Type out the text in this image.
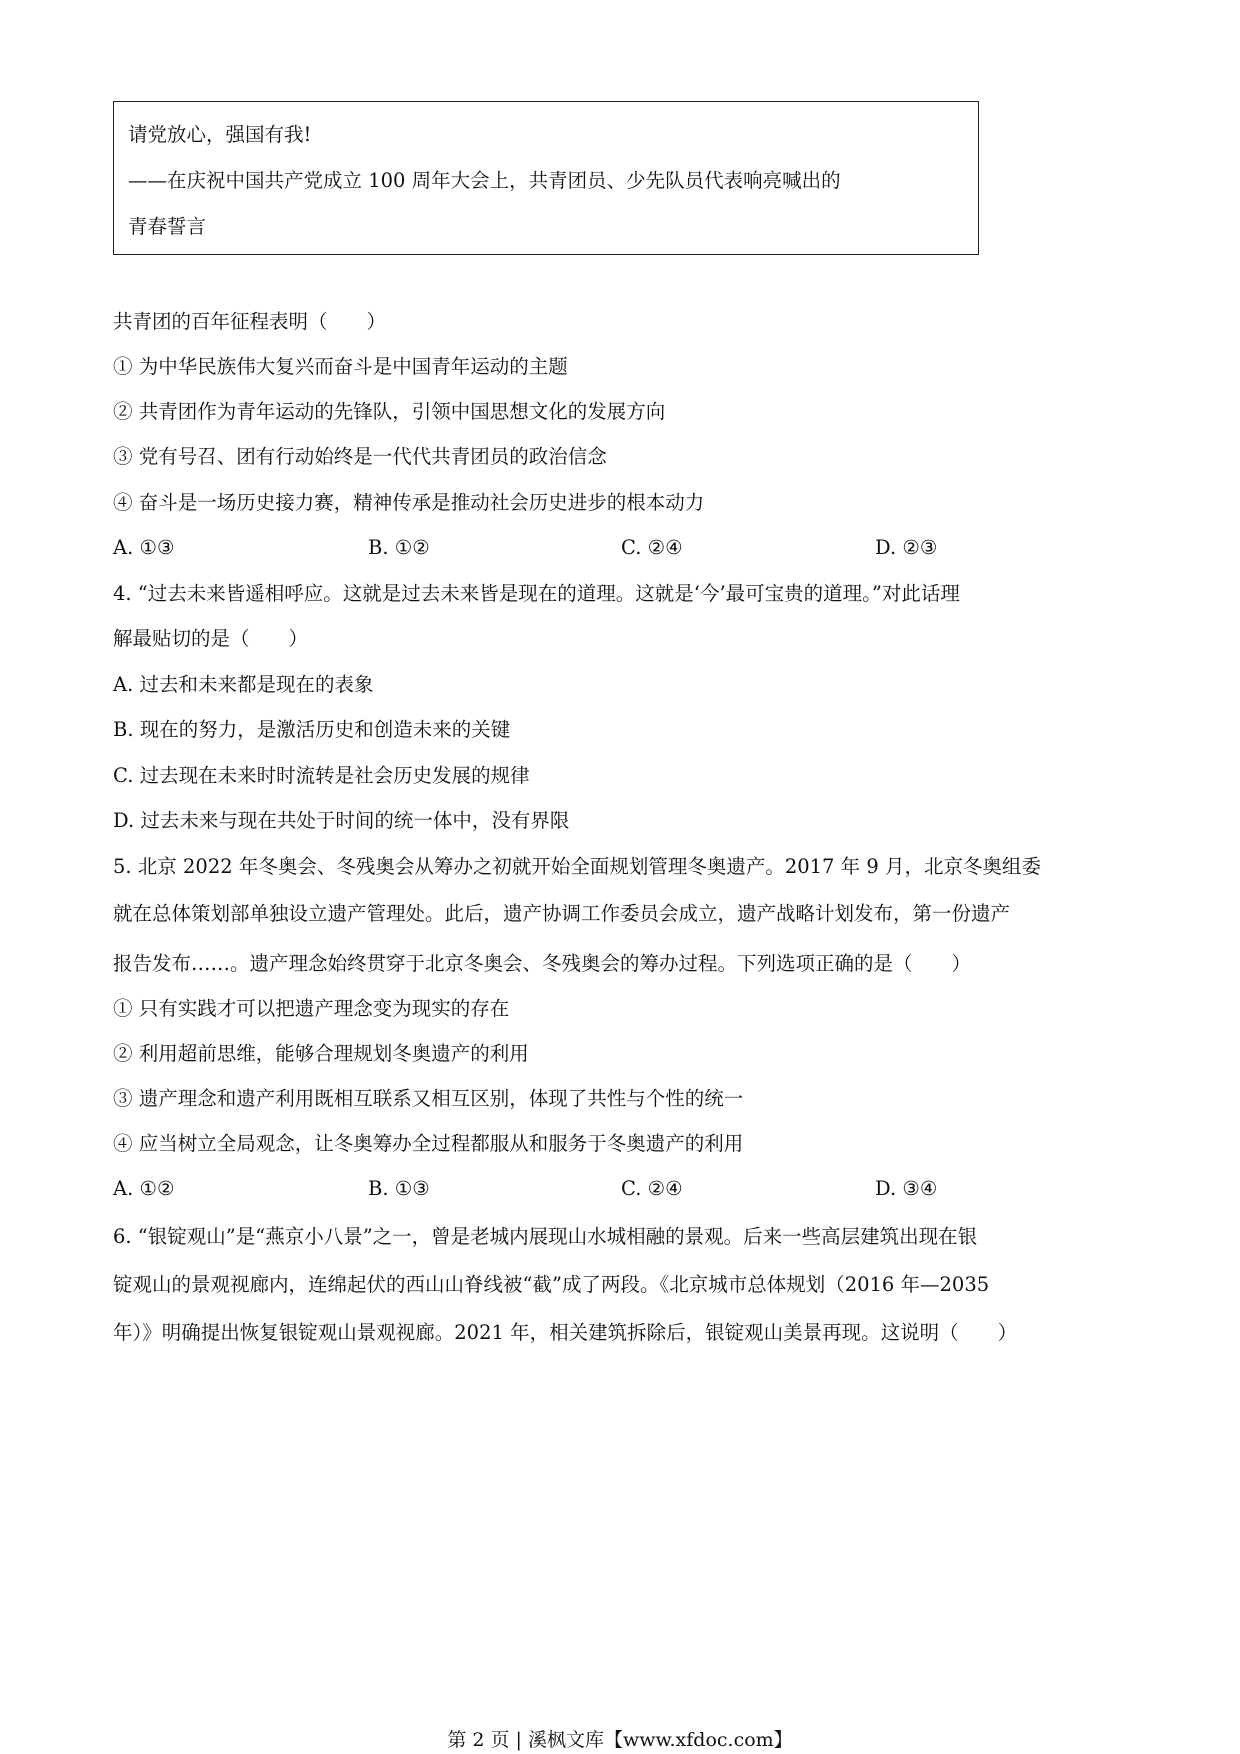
请党放心，强国有我!
——在庆祝中国共产党成立 100 周年大会上，共青团员、少先队员代表响亮喊出的
青春誓言
共青团的百年征程表明（　　）
① 为中华民族伟大复兴而奋斗是中国青年运动的主题
② 共青团作为青年运动的先锋队，引领中国思想文化的发展方向
③ 党有号召、团有行动始终是一代代共青团员的政治信念
④ 奋斗是一场历史接力赛，精神传承是推动社会历史进步的根本动力
A. ①③	B. ①②	C. ②④	D. ②③
4. “过去未来皆遥相呼应。这就是过去未来皆是现在的道理。这就是‘今’最可宝贵的道理。”对此话理
解最贴切的是（　　）
A. 过去和未来都是现在的表象
B. 现在的努力，是激活历史和创造未来的关键
C. 过去现在未来时时流转是社会历史发展的规律
D. 过去未来与现在共处于时间的统一体中，没有界限
5. 北京 2022 年冬奥会、冬残奥会从筹办之初就开始全面规划管理冬奥遗产。2017 年 9 月，北京冬奥组委
就在总体策划部单独设立遗产管理处。此后，遗产协调工作委员会成立，遗产战略计划发布，第一份遗产
报告发布……。遗产理念始终贯穿于北京冬奥会、冬残奥会的筹办过程。下列选项正确的是（　　）
① 只有实践才可以把遗产理念变为现实的存在
② 利用超前思维，能够合理规划冬奥遗产的利用
③ 遗产理念和遗产利用既相互联系又相互区别，体现了共性与个性的统一
④ 应当树立全局观念，让冬奥筹办全过程都服从和服务于冬奥遗产的利用
A. ①②	B. ①③	C. ②④	D. ③④
6. “银锭观山”是“燕京小八景”之一，曾是老城内展现山水城相融的景观。后来一些高层建筑出现在银
锭观山的景观视廊内，连绵起伏的西山山脊线被“截”成了两段。《北京城市总体规划（2016 年—2035
年）》明确提出恢复银锭观山景观视廊。2021 年，相关建筑拆除后，银锭观山美景再现。这说明（　　）
第 2 页 | 溪枫文库【www.xfdoc.com】
